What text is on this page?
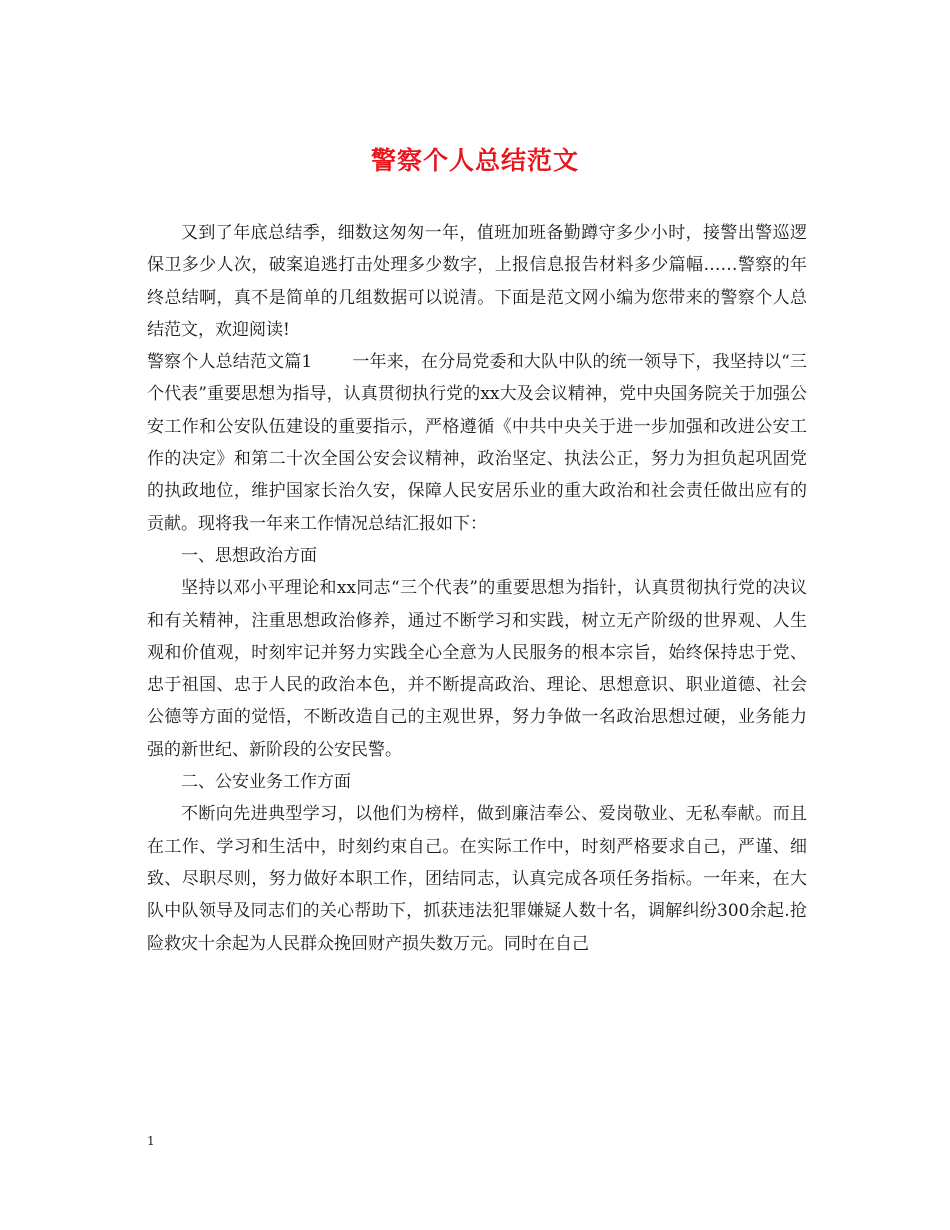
警察个人总结范文

又到了年底总结季，细数这匆匆一年，值班加班备勤蹲守多少小时，接警出警巡逻保卫多少人次，破案追逃打击处理多少数字，上报信息报告材料多少篇幅……警察的年终总结啊，真不是简单的几组数据可以说清。下面是范文网小编为您带来的警察个人总结范文，欢迎阅读!

警察个人总结范文篇1 一年来，在分局党委和大队中队的统一领导下，我坚持以“三个代表”重要思想为指导，认真贯彻执行党的xx大及会议精神，党中央国务院关于加强公安工作和公安队伍建设的重要指示，严格遵循《中共中央关于进一步加强和改进公安工作的决定》和第二十次全国公安会议精神，政治坚定、执法公正，努力为担负起巩固党的执政地位，维护国家长治久安，保障人民安居乐业的重大政治和社会责任做出应有的贡献。现将我一年来工作情况总结汇报如下：

一、思想政治方面

坚持以邓小平理论和xx同志“三个代表”的重要思想为指针，认真贯彻执行党的决议和有关精神，注重思想政治修养，通过不断学习和实践，树立无产阶级的世界观、人生观和价值观，时刻牢记并努力实践全心全意为人民服务的根本宗旨，始终保持忠于党、忠于祖国、忠于人民的政治本色，并不断提高政治、理论、思想意识、职业道德、社会公德等方面的觉悟，不断改造自己的主观世界，努力争做一名政治思想过硬，业务能力强的新世纪、新阶段的公安民警。

二、公安业务工作方面

不断向先进典型学习，以他们为榜样，做到廉洁奉公、爱岗敬业、无私奉献。而且在工作、学习和生活中，时刻约束自己。在实际工作中，时刻严格要求自己，严谨、细致、尽职尽则，努力做好本职工作，团结同志，认真完成各项任务指标。一年来，在大队中队领导及同志们的关心帮助下，抓获违法犯罪嫌疑人数十名，调解纠纷300余起.抢险救灾十余起为人民群众挽回财产损失数万元。同时在自己

1
